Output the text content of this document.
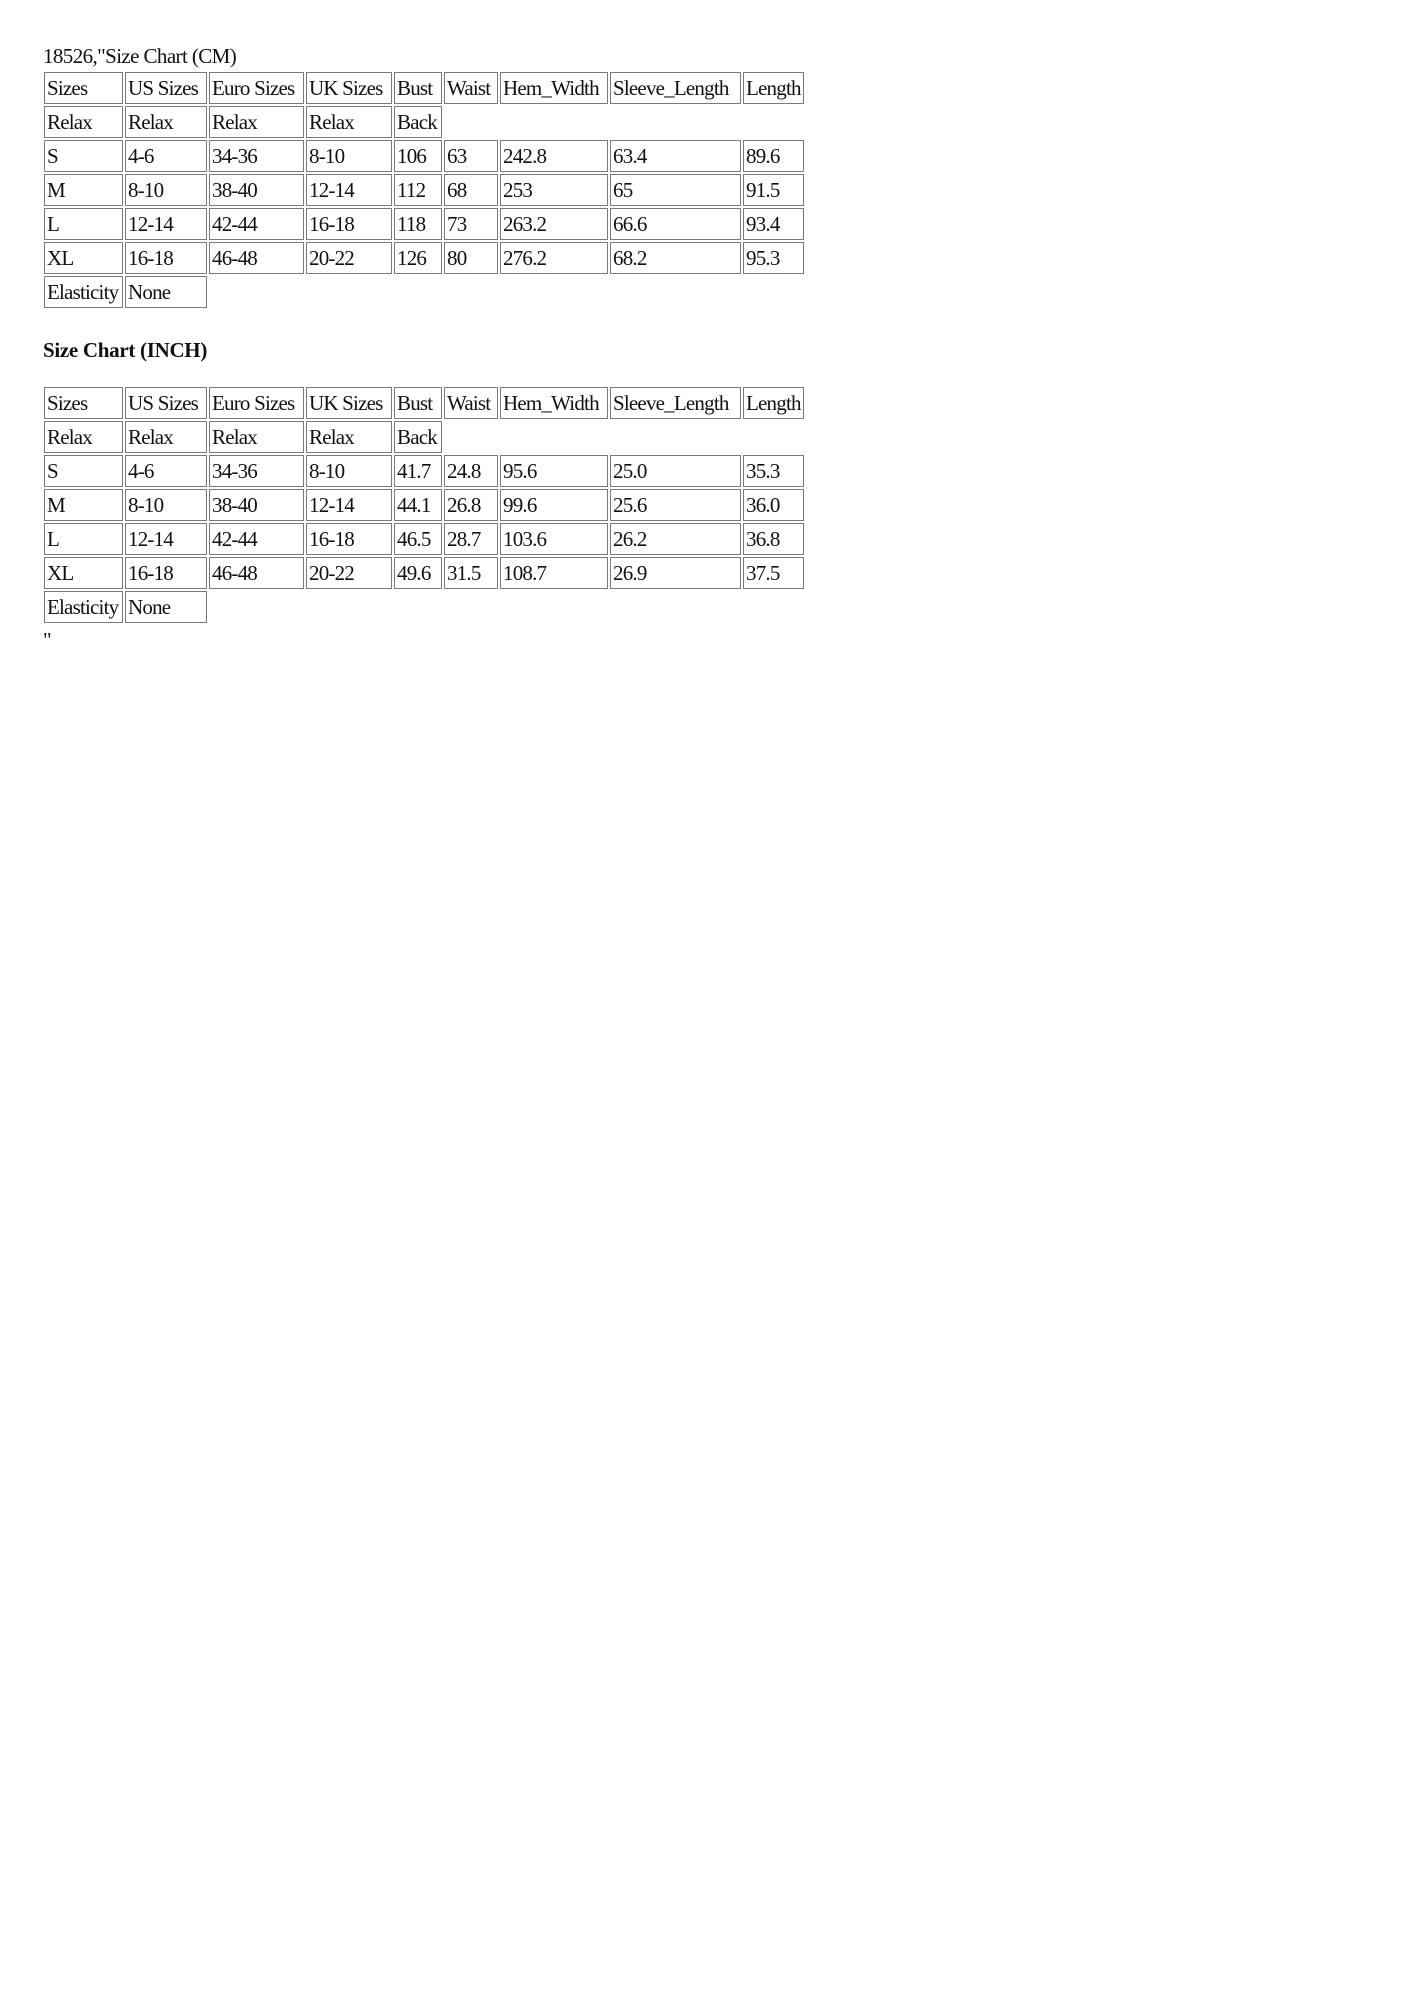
18526,"Size Chart (CM)
Sizes	US Sizes	Euro Sizes	UK Sizes	Bust	Waist	Hem_Width	Sleeve_Length	Length
Relax	Relax	Relax	Relax	Back				
S	4-6	34-36	8-10	106	63	242.8	63.4	89.6
M	8-10	38-40	12-14	112	68	253	65	91.5
L	12-14	42-44	16-18	118	73	263.2	66.6	93.4
XL	16-18	46-48	20-22	126	80	276.2	68.2	95.3
Elasticity	None							
Size Chart (INCH)
Sizes	US Sizes	Euro Sizes	UK Sizes	Bust	Waist	Hem_Width	Sleeve_Length	Length
Relax	Relax	Relax	Relax	Back				
S	4-6	34-36	8-10	41.7	24.8	95.6	25.0	35.3
M	8-10	38-40	12-14	44.1	26.8	99.6	25.6	36.0
L	12-14	42-44	16-18	46.5	28.7	103.6	26.2	36.8
XL	16-18	46-48	20-22	49.6	31.5	108.7	26.9	37.5
Elasticity	None							
"
